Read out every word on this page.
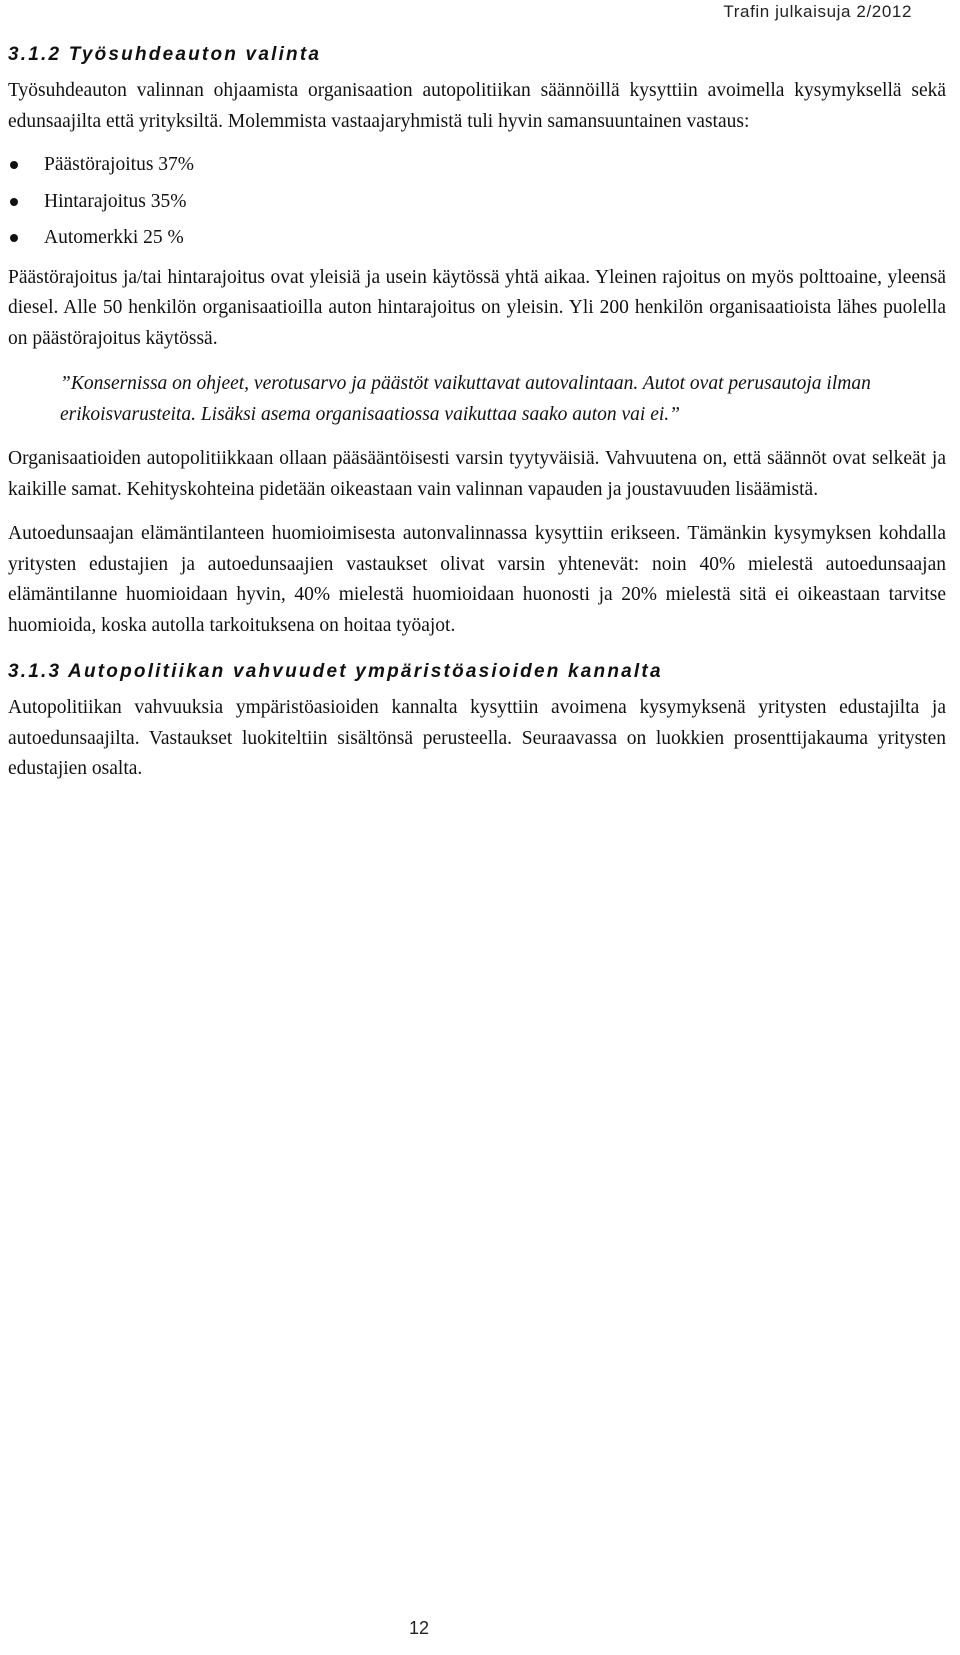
Trafin julkaisuja 2/2012
3.1.2 Työsuhdeauton valinta

Työsuhdeauton valinnan ohjaamista organisaation autopolitiikan säännöillä kysyttiin avoimella kysymyksellä sekä edunsaajilta että yrityksiltä. Molemmista vastaajaryhmistä tuli hyvin samansuuntainen vastaus:

Päästörajoitus 37%
Hintarajoitus 35%
Automerkki 25 %

Päästörajoitus ja/tai hintarajoitus ovat yleisiä ja usein käytössä yhtä aikaa. Yleinen rajoitus on myös polttoaine, yleensä diesel. Alle 50 henkilön organisaatioilla auton hintarajoitus on yleisin. Yli 200 henkilön organisaatioista lähes puolella on päästörajoitus käytössä.

”Konsernissa on ohjeet, verotusarvo ja päästöt vaikuttavat autovalintaan. Autot ovat perusautoja ilman erikoisvarusteita. Lisäksi asema organisaatiossa vaikuttaa saako auton vai ei.”

Organisaatioiden autopolitiikkaan ollaan pääsääntöisesti varsin tyytyväisiä. Vahvuutena on, että säännöt ovat selkeät ja kaikille samat. Kehityskohteina pidetään oikeastaan vain valinnan vapauden ja joustavuuden lisäämistä.

Autoedunsaajan elämäntilanteen huomioimisesta autonvalinnassa kysyttiin erikseen. Tämänkin kysymyksen kohdalla yritysten edustajien ja autoedunsaajien vastaukset olivat varsin yhtenevät: noin 40% mielestä autoedunsaajan elämäntilanne huomioidaan hyvin, 40% mielestä huomioidaan huonosti ja 20% mielestä sitä ei oikeastaan tarvitse huomioida, koska autolla tarkoituksena on hoitaa työajot.

3.1.3 Autopolitiikan vahvuudet ympäristöasioiden kannalta

Autopolitiikan vahvuuksia ympäristöasioiden kannalta kysyttiin avoimena kysymyksenä yritysten edustajilta ja autoedunsaajilta. Vastaukset luokiteltiin sisältönsä perusteella. Seuraavassa on luokkien prosenttijakauma yritysten edustajien osalta.

12
